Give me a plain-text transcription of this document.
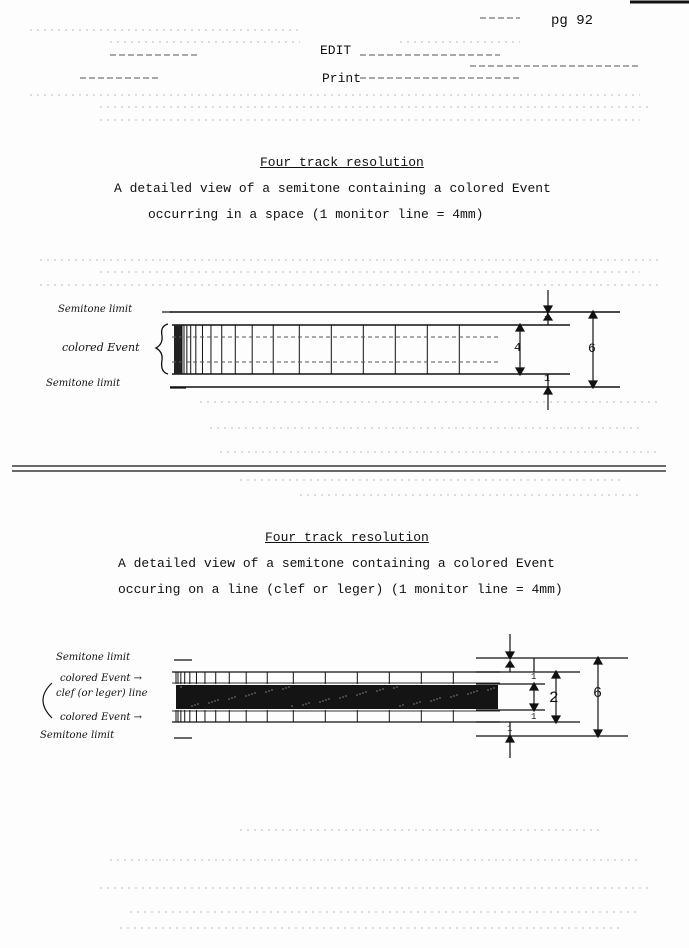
pg 92
EDIT
Print
Four track resolution
A detailed view of a semitone containing a colored Event
occurring in a space (1 monitor line = 4mm)
Semitone limit
colored Event
Semitone limit
1
4
1
6
Four track resolution
A detailed view of a semitone containing a colored Event
occuring on a line (clef or leger) (1 monitor line = 4mm)
Semitone limit
colored Event →
clef (or leger) line
colored Event →
Semitone limit
1
2
1
1
6
